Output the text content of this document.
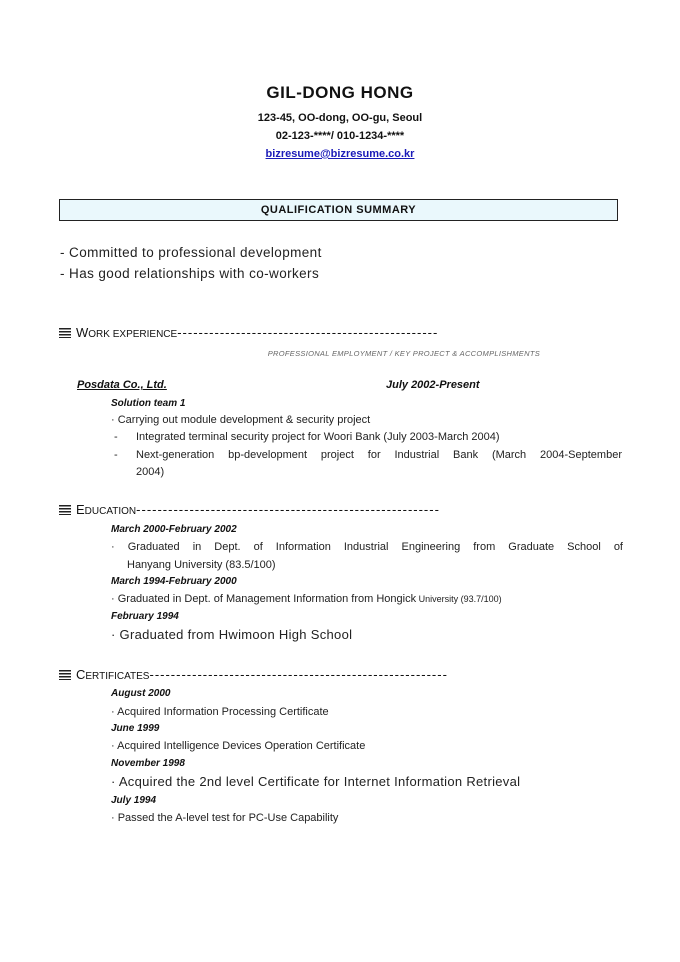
GIL-DONG HONG
123-45, OO-dong, OO-gu, Seoul
02-123-****/ 010-1234-****
bizresume@bizresume.co.kr
QUALIFICATION SUMMARY
- Committed to professional development
- Has good relationships with co-workers
WORK EXPERIENCE-------------------------------------------------
PROFESSIONAL EMPLOYMENT / KEY PROJECT & ACCOMPLISHMENTS
Posdata Co., Ltd.	July 2002-Present
Solution team 1
· Carrying out module development & security project
- Integrated terminal security project for Woori Bank (July 2003-March 2004)
- Next-generation bp-development project for Industrial Bank (March 2004-September
2004)
EDUCATION---------------------------------------------------------
March 2000-February 2002
· Graduated in Dept. of Information Industrial Engineering from Graduate School of
Hanyang University (83.5/100)
March 1994-February 2000
· Graduated in Dept. of Management Information from Hongick University (93.7/100)
February 1994
· Graduated from Hwimoon High School
CERTIFICATES--------------------------------------------------------
August 2000
· Acquired Information Processing Certificate
June 1999
· Acquired Intelligence Devices Operation Certificate
November 1998
· Acquired the 2nd level Certificate for Internet Information Retrieval
July 1994
· Passed the A-level test for PC-Use Capability
